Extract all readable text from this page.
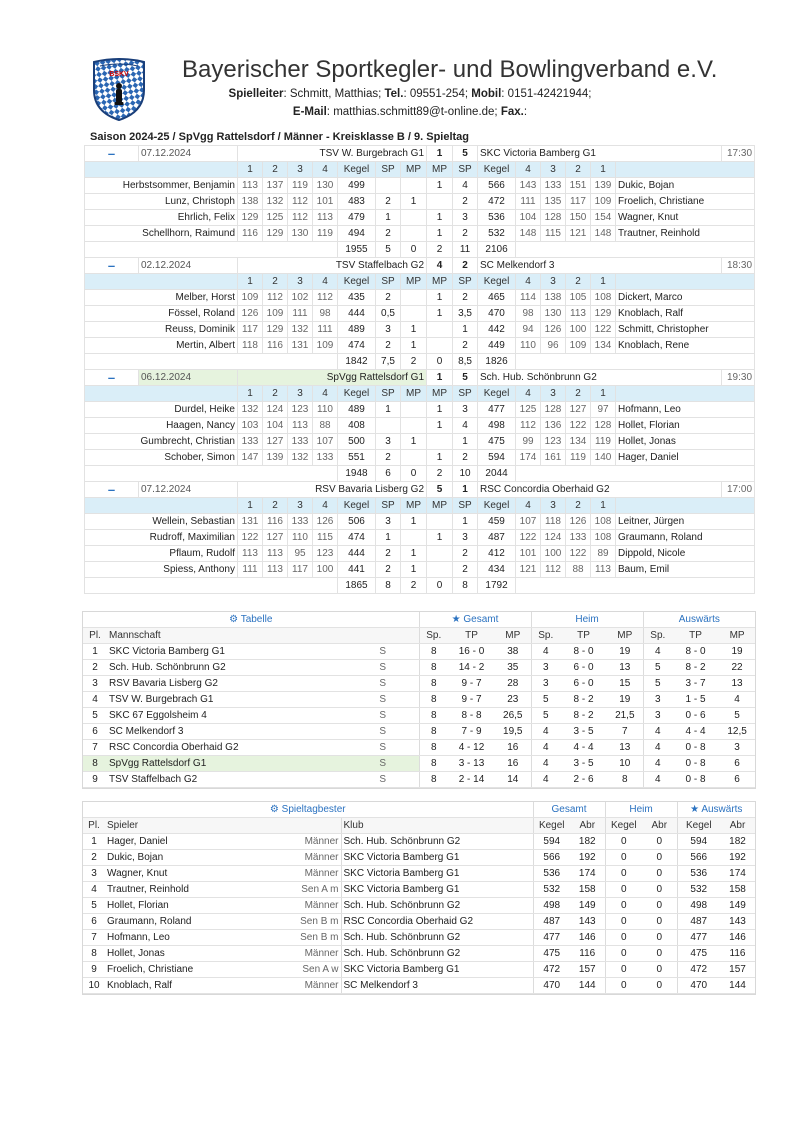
BSKV Bayerischer Sportkegler- und Bowlingverband e.V.
Spielleiter: Schmitt, Matthias; Tel.: 09551-254; Mobil: 0151-42421944;
E-Mail: matthias.schmitt89@t-online.de; Fax.:
Saison 2024-25 / SpVgg Rattelsdorf / Männer - Kreisklasse B / 9. Spieltag
–	07.12.2024	TSV W. Burgebrach G1							1	5	SKC Victoria Bamberg G1						17:30	
		1	2	3	4	Kegel	SP	MP	MP	SP	Kegel	4	3	2	1			
Herbstsommer, Benjamin		113	137	119	130	499			1	4	566	143	133	151	139	Dukic, Bojan		
Lunz, Christoph		138	132	112	101	483	2	1		2	472	111	135	117	109	Froelich, Christiane		
Ehrlich, Felix		129	125	112	113	479	1		1	3	536	104	128	150	154	Wagner, Knut		
Schellhorn, Raimund		116	129	130	119	494	2		1	2	532	148	115	121	148	Trautner, Reinhold		
						1955	5	0	2	11	2106							
–	02.12.2024	TSV Staffelbach G2							4	2	SC Melkendorf 3						18:30	
		1	2	3	4	Kegel	SP	MP	MP	SP	Kegel	4	3	2	1			
Melber, Horst		109	112	102	112	435	2		1	2	465	114	138	105	108	Dickert, Marco		
Fössel, Roland		126	109	111	98	444	0,5		1	3,5	470	98	130	113	129	Knoblach, Ralf		
Reuss, Dominik		117	129	132	111	489	3	1		1	442	94	126	100	122	Schmitt, Christopher		
Mertin, Albert		118	116	131	109	474	2	1		2	449	110	96	109	134	Knoblach, Rene		
						1842	7,5	2	0	8,5	1826							
–	06.12.2024	SpVgg Rattelsdorf G1							1	5	Sch. Hub. Schönbrunn G2						19:30	
		1	2	3	4	Kegel	SP	MP	MP	SP	Kegel	4	3	2	1			
Durdel, Heike		132	124	123	110	489	1		1	3	477	125	128	127	97	Hofmann, Leo		
Haagen, Nancy		103	104	113	88	408			1	4	498	112	136	122	128	Hollet, Florian		
Gumbrecht, Christian		133	127	133	107	500	3	1		1	475	99	123	134	119	Hollet, Jonas		
Schober, Simon		147	139	132	133	551	2		1	2	594	174	161	119	140	Hager, Daniel		
						1948	6	0	2	10	2044							
–	07.12.2024	RSV Bavaria Lisberg G2							5	1	RSC Concordia Oberhaid G2						17:00	
		1	2	3	4	Kegel	SP	MP	MP	SP	Kegel	4	3	2	1			
Wellein, Sebastian		131	116	133	126	506	3	1		1	459	107	118	126	108	Leitner, Jürgen		
Rudroff, Maximilian		122	127	110	115	474	1		1	3	487	122	124	133	108	Graumann, Roland		
Pflaum, Rudolf		113	113	95	123	444	2	1		2	412	101	100	122	89	Dippold, Nicole		
Spiess, Anthony		111	113	117	100	441	2	1		2	434	121	112	88	113	Baum, Emil		
						1865	8	2	0	8	1792							
⚙ Tabelle			★ Gesamt			Heim			Auswärts		
Pl.	Mannschaft		Sp.	TP	MP	Sp.	TP	MP	Sp.	TP	MP
1	SKC Victoria Bamberg G1	S	8	16 - 0	38	4	8 - 0	19	4	8 - 0	19
2	Sch. Hub. Schönbrunn G2	S	8	14 - 2	35	3	6 - 0	13	5	8 - 2	22
3	RSV Bavaria Lisberg G2	S	8	9 - 7	28	3	6 - 0	15	5	3 - 7	13
4	TSV W. Burgebrach G1	S	8	9 - 7	23	5	8 - 2	19	3	1 - 5	4
5	SKC 67 Eggolsheim 4	S	8	8 - 8	26,5	5	8 - 2	21,5	3	0 - 6	5
6	SC Melkendorf 3	S	8	7 - 9	19,5	4	3 - 5	7	4	4 - 4	12,5
7	RSC Concordia Oberhaid G2	S	8	4 - 12	16	4	4 - 4	13	4	0 - 8	3
8	SpVgg Rattelsdorf G1	S	8	3 - 13	16	4	3 - 5	10	4	0 - 8	6
9	TSV Staffelbach G2	S	8	2 - 14	14	4	2 - 6	8	4	0 - 8	6
⚙ Spieltagbester				Gesamt		Heim		★ Auswärts	
Pl.	Spieler		Klub	Kegel	Abr	Kegel	Abr	Kegel	Abr
1	Hager, Daniel	Männer	Sch. Hub. Schönbrunn G2	594	182	0	0	594	182
2	Dukic, Bojan	Männer	SKC Victoria Bamberg G1	566	192	0	0	566	192
3	Wagner, Knut	Männer	SKC Victoria Bamberg G1	536	174	0	0	536	174
4	Trautner, Reinhold	Sen A m	SKC Victoria Bamberg G1	532	158	0	0	532	158
5	Hollet, Florian	Männer	Sch. Hub. Schönbrunn G2	498	149	0	0	498	149
6	Graumann, Roland	Sen B m	RSC Concordia Oberhaid G2	487	143	0	0	487	143
7	Hofmann, Leo	Sen B m	Sch. Hub. Schönbrunn G2	477	146	0	0	477	146
8	Hollet, Jonas	Männer	Sch. Hub. Schönbrunn G2	475	116	0	0	475	116
9	Froelich, Christiane	Sen A w	SKC Victoria Bamberg G1	472	157	0	0	472	157
10	Knoblach, Ralf	Männer	SC Melkendorf 3	470	144	0	0	470	144
